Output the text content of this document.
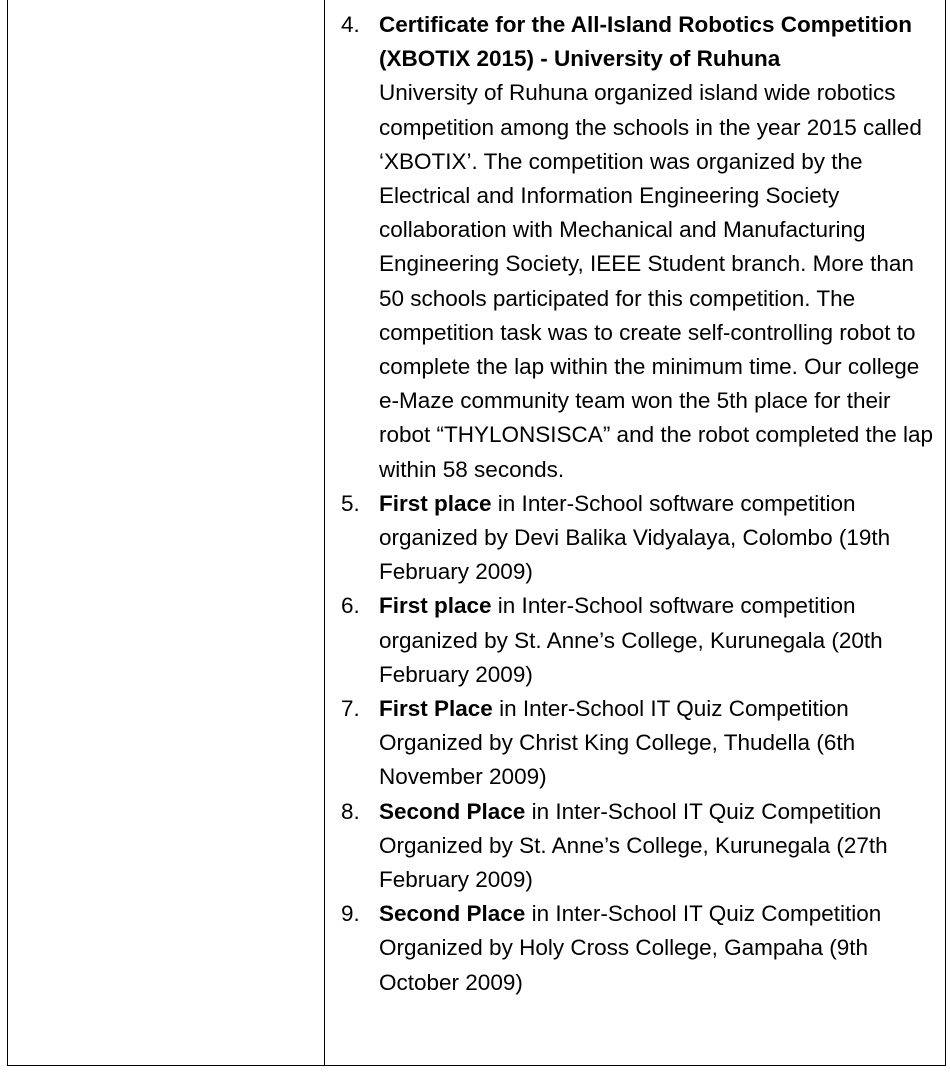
4. Certificate for the All-Island Robotics Competition (XBOTIX 2015) - University of Ruhuna
University of Ruhuna organized island wide robotics competition among the schools in the year 2015 called ‘XBOTIX’. The competition was organized by the Electrical and Information Engineering Society collaboration with Mechanical and Manufacturing Engineering Society, IEEE Student branch. More than 50 schools participated for this competition. The competition task was to create self-controlling robot to complete the lap within the minimum time. Our college e-Maze community team won the 5th place for their robot “THYLONSISCA” and the robot completed the lap within 58 seconds.
5. First place in Inter-School software competition organized by Devi Balika Vidyalaya, Colombo (19th February 2009)
6. First place in Inter-School software competition organized by St. Anne’s College, Kurunegala (20th February 2009)
7. First Place in Inter-School IT Quiz Competition Organized by Christ King College, Thudella (6th November 2009)
8. Second Place in Inter-School IT Quiz Competition Organized by St. Anne’s College, Kurunegala (27th February 2009)
9. Second Place in Inter-School IT Quiz Competition Organized by Holy Cross College, Gampaha (9th October 2009)
